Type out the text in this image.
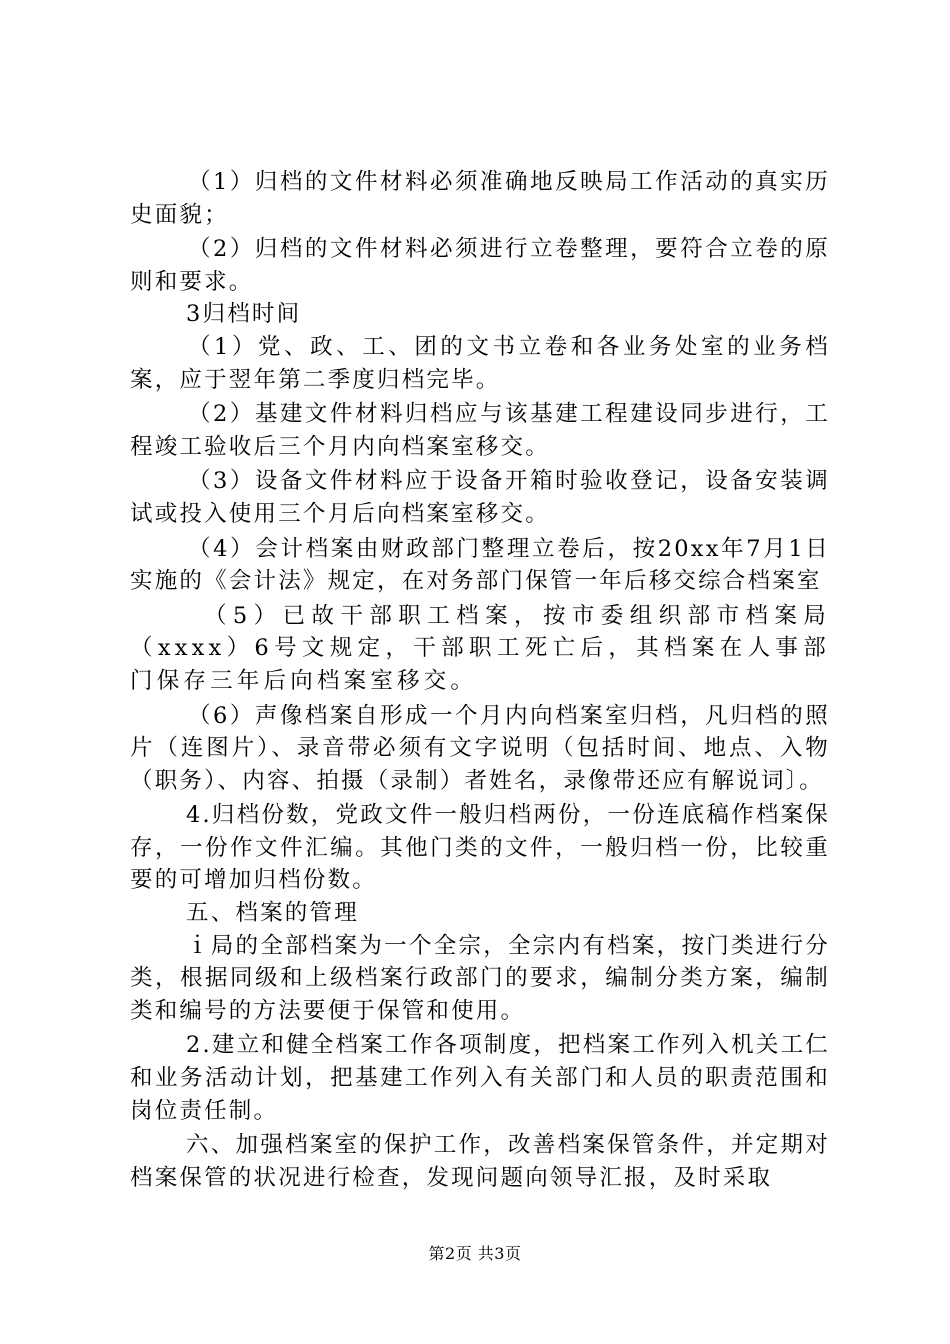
（1）归档的文件材料必须准确地反映局工作活动的真实历史面貌；

（2）归档的文件材料必须进行立卷整理，要符合立卷的原则和要求。

3归档时间

（1）党、政、工、团的文书立卷和各业务处室的业务档案，应于翌年第二季度归档完毕。

（2）基建文件材料归档应与该基建工程建设同步进行，工程竣工验收后三个月内向档案室移交。

（3）设备文件材料应于设备开箱时验收登记，设备安装调试或投入使用三个月后向档案室移交。

（4）会计档案由财政部门整理立卷后，按20xx年7月1日实施的《会计法》规定，在对务部门保管一年后移交综合档案室

（5）已故干部职工档案，按市委组织部市档案局（xxxx）6号文规定，干部职工死亡后，其档案在人事部门保存三年后向档案室移交。

（6）声像档案自形成一个月内向档案室归档，凡归档的照片（连图片）、录音带必须有文字说明（包括时间、地点、入物（职务）、内容、拍摄（录制）者姓名，录像带还应有解说词〕。

4.归档份数，党政文件一般归档两份，一份连底稿作档案保存，一份作文件汇编。其他门类的文件，一般归档一份，比较重要的可增加归档份数。

五、档案的管理

ｉ局的全部档案为一个全宗，全宗内有档案，按门类进行分类，根据同级和上级档案行政部门的要求，编制分类方案，编制类和编号的方法要便于保管和使用。

2.建立和健全档案工作各项制度，把档案工作列入机关工仁和业务活动计划，把基建工作列入有关部门和人员的职责范围和岗位责任制。

六、加强档案室的保护工作，改善档案保管条件，并定期对档案保管的状况进行检查，发现问题向领导汇报，及时采取

第2页 共3页
